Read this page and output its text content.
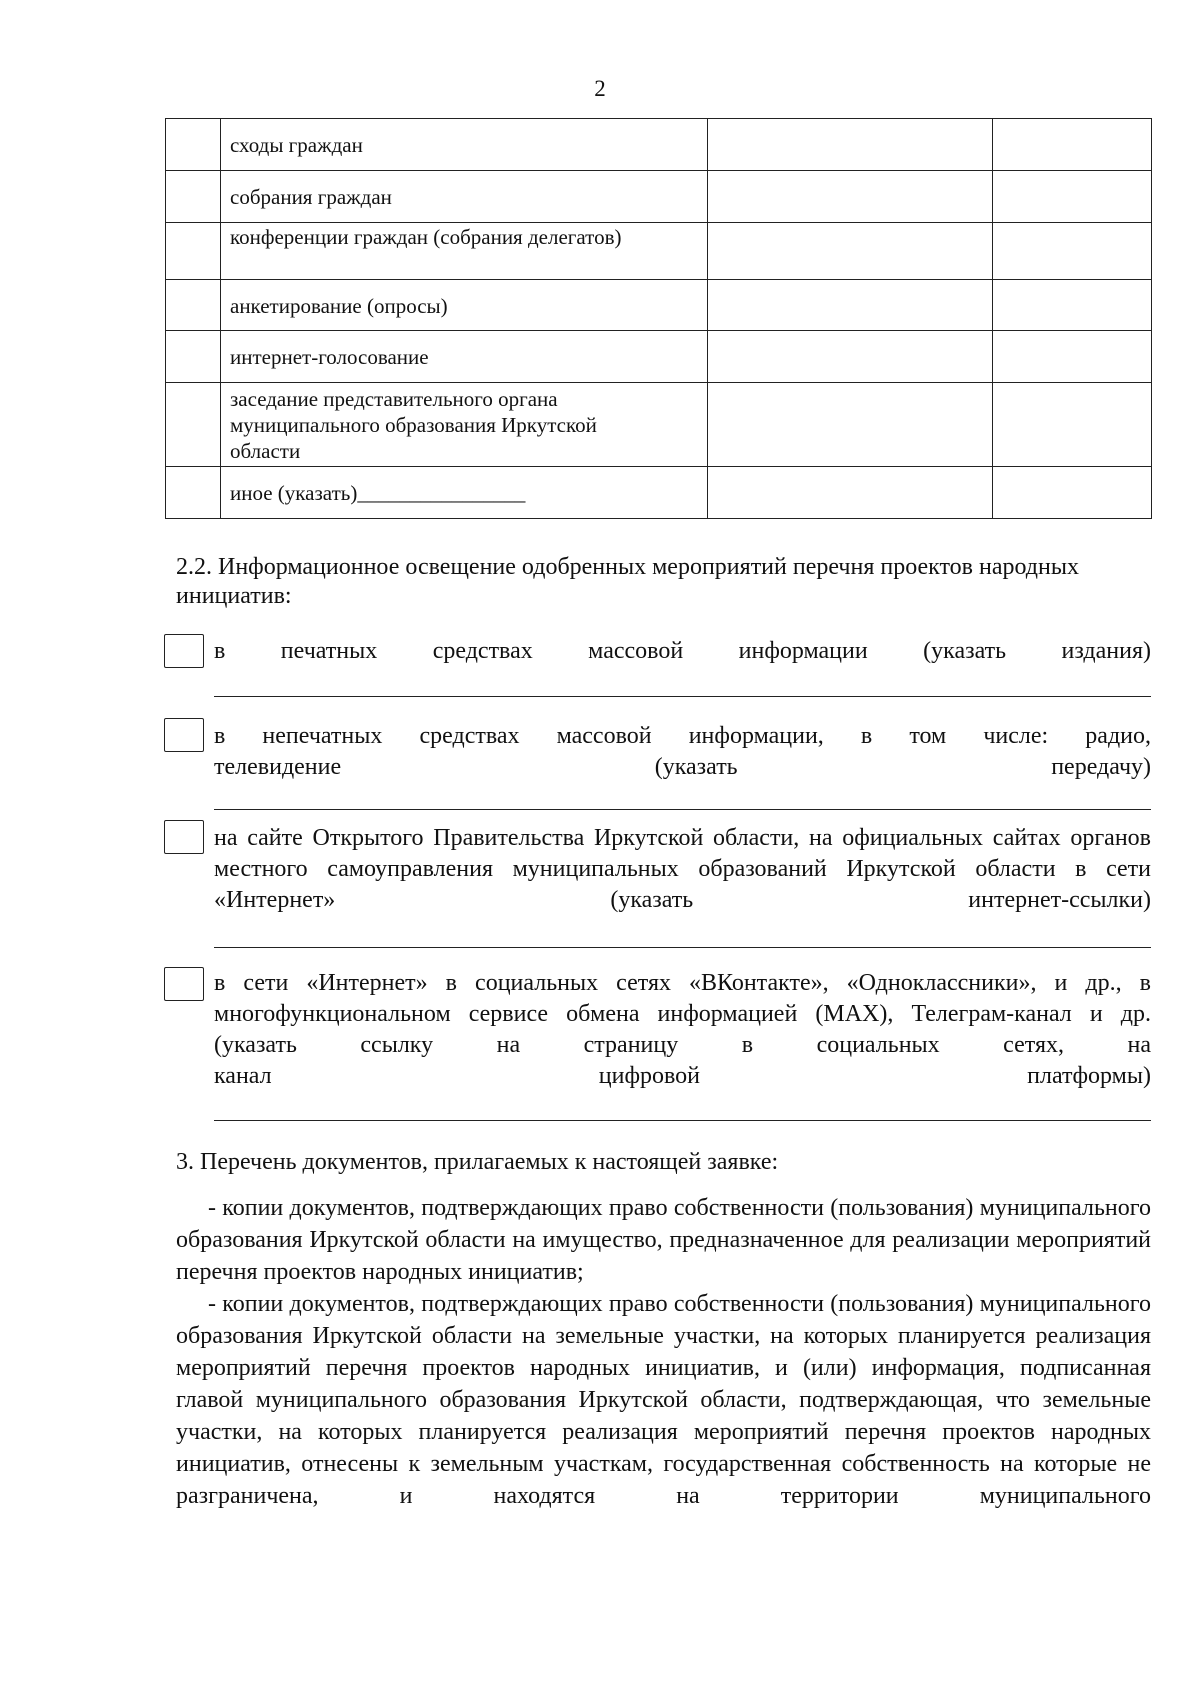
2
	сходы граждан		
	собрания граждан		
	конференции граждан (собрания делегатов)		
	анкетирование (опросы)		
	интернет-голосование		
	заседание представительного органа муниципального образования Иркутской области		
	иное (указать)________________		
2.2. Информационное освещение одобренных мероприятий перечня проектов народных инициатив:
в печатных средствах массовой информации (указать издания)
в непечатных средствах массовой информации, в том числе: радио,
телевидение	(указать	передачу)
на сайте Открытого Правительства Иркутской области, на официальных сайтах органов местного самоуправления муниципальных образований Иркутской области в сети «Интернет» (указать интернет-ссылки)
в сети «Интернет» в социальных сетях «ВКонтакте», «Одноклассники», и др., в многофункциональном сервисе обмена информацией (MAX), Телеграм-канал и др. (указать ссылку на страницу в социальных сетях, на
канал	цифровой	платформы)
3. Перечень документов, прилагаемых к настоящей заявке:
- копии документов, подтверждающих право собственности (пользования) муниципального образования Иркутской области на имущество, предназначенное для реализации мероприятий перечня проектов народных инициатив;
- копии документов, подтверждающих право собственности (пользования) муниципального образования Иркутской области на земельные участки, на которых планируется реализация мероприятий перечня проектов народных инициатив, и (или) информация, подписанная главой муниципального образования Иркутской области, подтверждающая, что земельные участки, на которых планируется реализация мероприятий перечня проектов народных инициатив, отнесены к земельным участкам, государственная собственность на которые не разграничена, и находятся на территории муниципального
